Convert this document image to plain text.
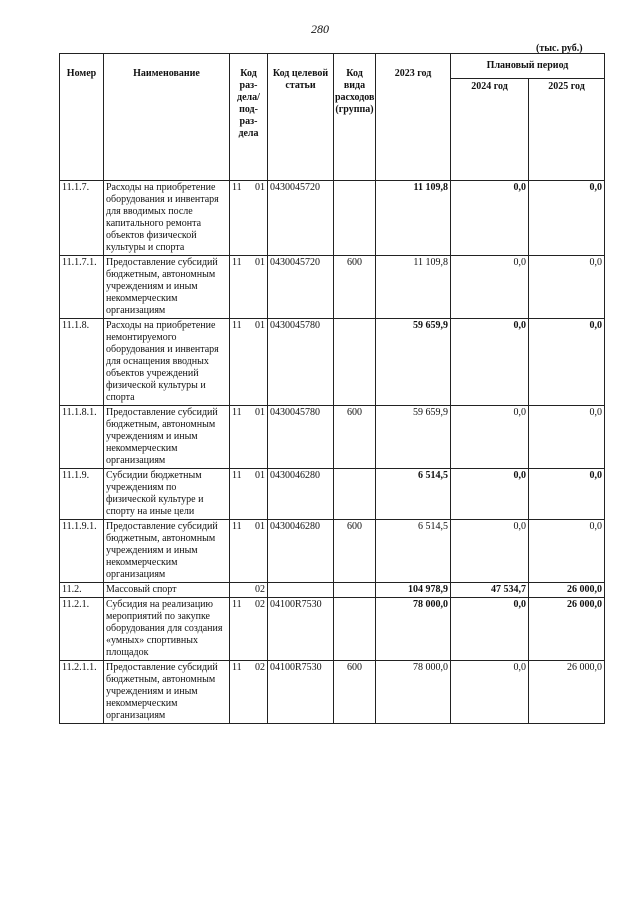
280
(тыс. руб.)
Номер	Наименование	Код раз-дела/ под-раз-дела	Код целевой статьи	Код вида расходов (группа)	2023 год	Плановый период	
						2024 год	2025 год
11.1.7.	Расходы на приобретение оборудования и инвентаря для вводимых после капитального ремонта объектов физической культуры и спорта	11 01	0430045720		11 109,8	0,0	0,0
11.1.7.1.	Предоставление субсидий бюджетным, автономным учреждениям и иным некоммерческим организациям	11 01	0430045720	600	11 109,8	0,0	0,0
11.1.8.	Расходы на приобретение немонтируемого оборудования и инвентаря для оснащения вводных объектов учреждений физической культуры и спорта	11 01	0430045780		59 659,9	0,0	0,0
11.1.8.1.	Предоставление субсидий бюджетным, автономным учреждениям и иным некоммерческим организациям	11 01	0430045780	600	59 659,9	0,0	0,0
11.1.9.	Субсидии бюджетным учреждениям по физической культуре и спорту на иные цели	11 01	0430046280		6 514,5	0,0	0,0
11.1.9.1.	Предоставление субсидий бюджетным, автономным учреждениям и иным некоммерческим организациям	11 01	0430046280	600	6 514,5	0,0	0,0
11.2.	Массовый спорт	02			104 978,9	47 534,7	26 000,0
11.2.1.	Субсидия на реализацию мероприятий по закупке оборудования для создания «умных» спортивных площадок	11 02	04100R7530		78 000,0	0,0	26 000,0
11.2.1.1.	Предоставление субсидий бюджетным, автономным учреждениям и иным некоммерческим организациям	11 02	04100R7530	600	78 000,0	0,0	26 000,0
